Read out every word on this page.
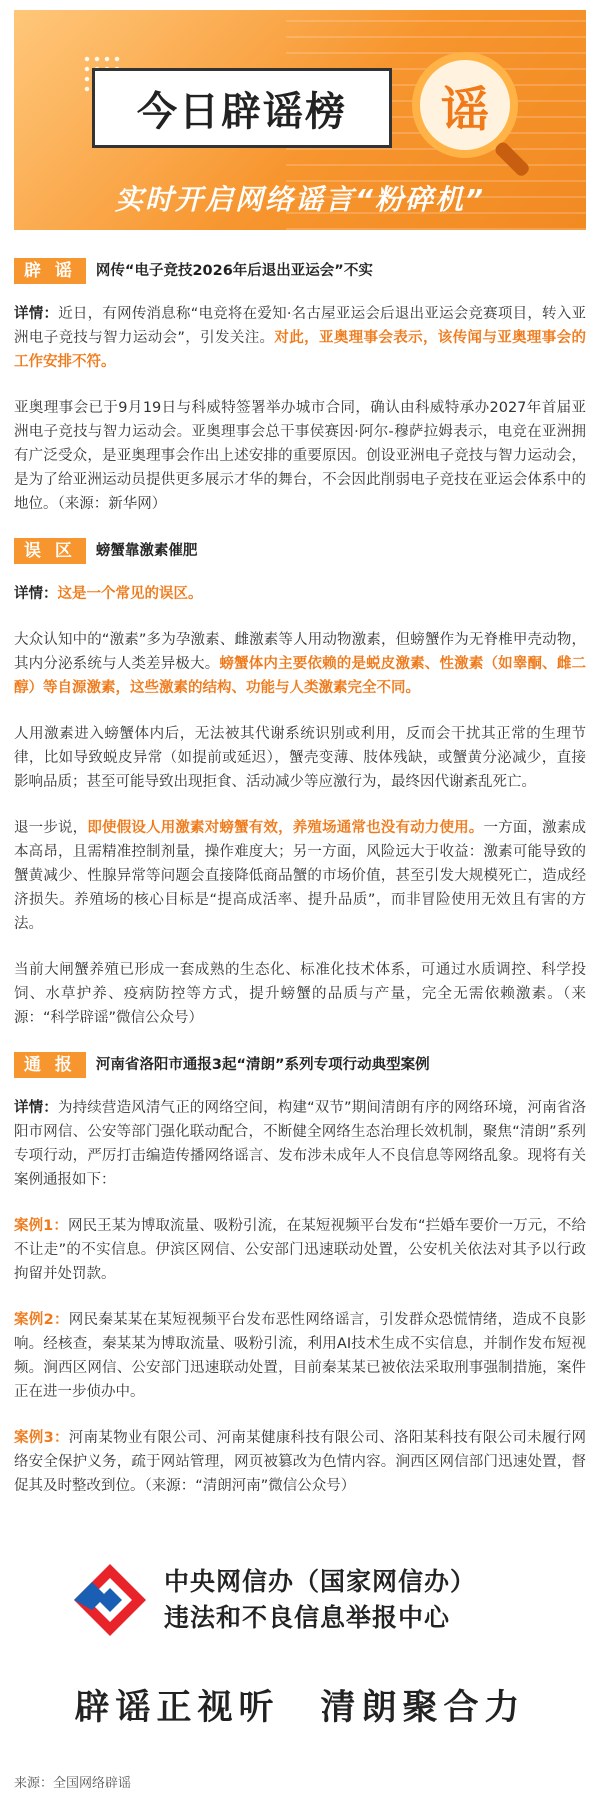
今日辟谣榜 谣
实时开启网络谣言“粉碎机”
辟 谣	网传“电子竞技2026年后退出亚运会”不实

详情：近日，有网传消息称“电竞将在爱知·名古屋亚运会后退出亚运会竞赛项目，转入亚洲电子竞技与智力运动会”，引发关注。对此，亚奥理事会表示，该传闻与亚奥理事会的工作安排不符。

亚奥理事会已于9月19日与科威特签署举办城市合同，确认由科威特承办2027年首届亚洲电子竞技与智力运动会。亚奥理事会总干事侯赛因·阿尔-穆萨拉姆表示，电竞在亚洲拥有广泛受众，是亚奥理事会作出上述安排的重要原因。创设亚洲电子竞技与智力运动会，是为了给亚洲运动员提供更多展示才华的舞台，不会因此削弱电子竞技在亚运会体系中的地位。（来源：新华网）

误 区	螃蟹靠激素催肥

详情：这是一个常见的误区。

大众认知中的“激素”多为孕激素、雌激素等人用动物激素，但螃蟹作为无脊椎甲壳动物，其内分泌系统与人类差异极大。螃蟹体内主要依赖的是蜕皮激素、性激素（如睾酮、雌二醇）等自源激素，这些激素的结构、功能与人类激素完全不同。

人用激素进入螃蟹体内后，无法被其代谢系统识别或利用，反而会干扰其正常的生理节律，比如导致蜕皮异常（如提前或延迟），蟹壳变薄、肢体残缺，或蟹黄分泌减少，直接影响品质；甚至可能导致出现拒食、活动减少等应激行为，最终因代谢紊乱死亡。

退一步说，即使假设人用激素对螃蟹有效，养殖场通常也没有动力使用。一方面，激素成本高昂，且需精准控制剂量，操作难度大；另一方面，风险远大于收益：激素可能导致的蟹黄减少、性腺异常等问题会直接降低商品蟹的市场价值，甚至引发大规模死亡，造成经济损失。养殖场的核心目标是“提高成活率、提升品质”，而非冒险使用无效且有害的方法。

当前大闸蟹养殖已形成一套成熟的生态化、标准化技术体系，可通过水质调控、科学投饲、水草护养、疫病防控等方式，提升螃蟹的品质与产量，完全无需依赖激素。（来源：“科学辟谣”微信公众号）

通 报	河南省洛阳市通报3起“清朗”系列专项行动典型案例

详情：为持续营造风清气正的网络空间，构建“双节”期间清朗有序的网络环境，河南省洛阳市网信、公安等部门强化联动配合，不断健全网络生态治理长效机制，聚焦“清朗”系列专项行动，严厉打击编造传播网络谣言、发布涉未成年人不良信息等网络乱象。现将有关案例通报如下：

案例1：网民王某为博取流量、吸粉引流，在某短视频平台发布“拦婚车要价一万元，不给不让走”的不实信息。伊滨区网信、公安部门迅速联动处置，公安机关依法对其予以行政拘留并处罚款。

案例2：网民秦某某在某短视频平台发布恶性网络谣言，引发群众恐慌情绪，造成不良影响。经核查，秦某某为博取流量、吸粉引流，利用AI技术生成不实信息，并制作发布短视频。涧西区网信、公安部门迅速联动处置，目前秦某某已被依法采取刑事强制措施，案件正在进一步侦办中。

案例3：河南某物业有限公司、河南某健康科技有限公司、洛阳某科技有限公司未履行网络安全保护义务，疏于网站管理，网页被篡改为色情内容。涧西区网信部门迅速处置，督促其及时整改到位。（来源：“清朗河南”微信公众号）

中央网信办（国家网信办）
违法和不良信息举报中心
辟谣正视听　清朗聚合力
来源：全国网络辟谣
